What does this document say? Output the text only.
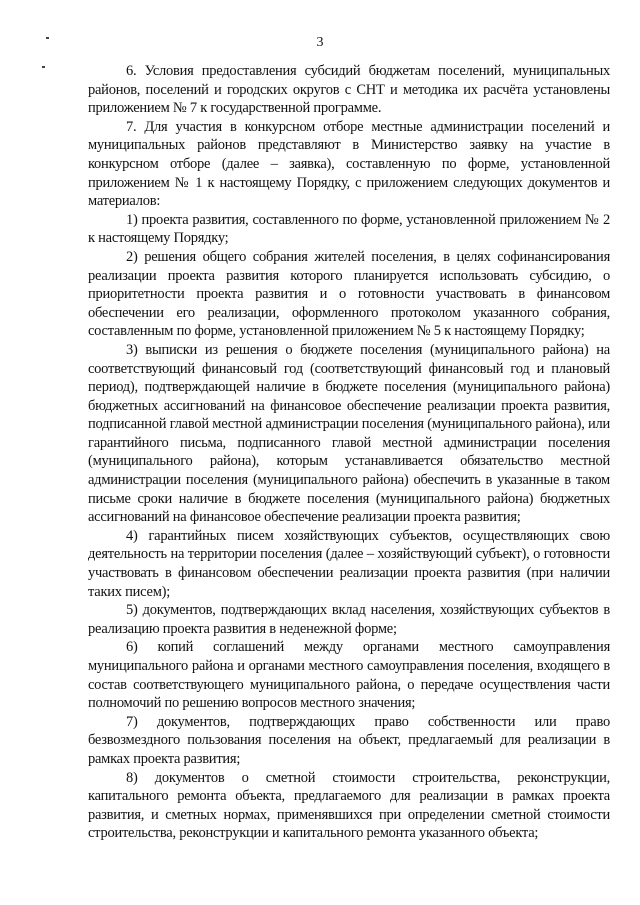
3

6. Условия предоставления субсидий бюджетам поселений, муниципальных районов, поселений и городских округов с СНТ и методика их расчёта установлены приложением № 7 к государственной программе.

7. Для участия в конкурсном отборе местные администрации поселений и муниципальных районов представляют в Министерство заявку на участие в конкурсном отборе (далее – заявка), составленную по форме, установленной приложением № 1 к настоящему Порядку, с приложением следующих документов и материалов:

1) проекта развития, составленного по форме, установленной приложением № 2 к настоящему Порядку;

2) решения общего собрания жителей поселения, в целях софинансирования реализации проекта развития которого планируется использовать субсидию, о приоритетности проекта развития и о готовности участвовать в финансовом обеспечении его реализации, оформленного протоколом указанного собрания, составленным по форме, установленной приложением № 5 к настоящему Порядку;

3) выписки из решения о бюджете поселения (муниципального района) на соответствующий финансовый год (соответствующий финансовый год и плановый период), подтверждающей наличие в бюджете поселения (муниципального района) бюджетных ассигнований на финансовое обеспечение реализации проекта развития, подписанной главой местной администрации поселения (муниципального района), или гарантийного письма, подписанного главой местной администрации поселения (муниципального района), которым устанавливается обязательство местной администрации поселения (муниципального района) обеспечить в указанные в таком письме сроки наличие в бюджете поселения (муниципального района) бюджетных ассигнований на финансовое обеспечение реализации проекта развития;

4) гарантийных писем хозяйствующих субъектов, осуществляющих свою деятельность на территории поселения (далее – хозяйствующий субъект), о готовности участвовать в финансовом обеспечении реализации проекта развития (при наличии таких писем);

5) документов, подтверждающих вклад населения, хозяйствующих субъектов в реализацию проекта развития в неденежной форме;

6) копий соглашений между органами местного самоуправления муниципального района и органами местного самоуправления поселения, входящего в состав соответствующего муниципального района, о передаче осуществления части полномочий по решению вопросов местного значения;

7) документов, подтверждающих право собственности или право безвозмездного пользования поселения на объект, предлагаемый для реализации в рамках проекта развития;

8) документов о сметной стоимости строительства, реконструкции, капитального ремонта объекта, предлагаемого для реализации в рамках проекта развития, и сметных нормах, применявшихся при определении сметной стоимости строительства, реконструкции и капитального ремонта указанного объекта;
